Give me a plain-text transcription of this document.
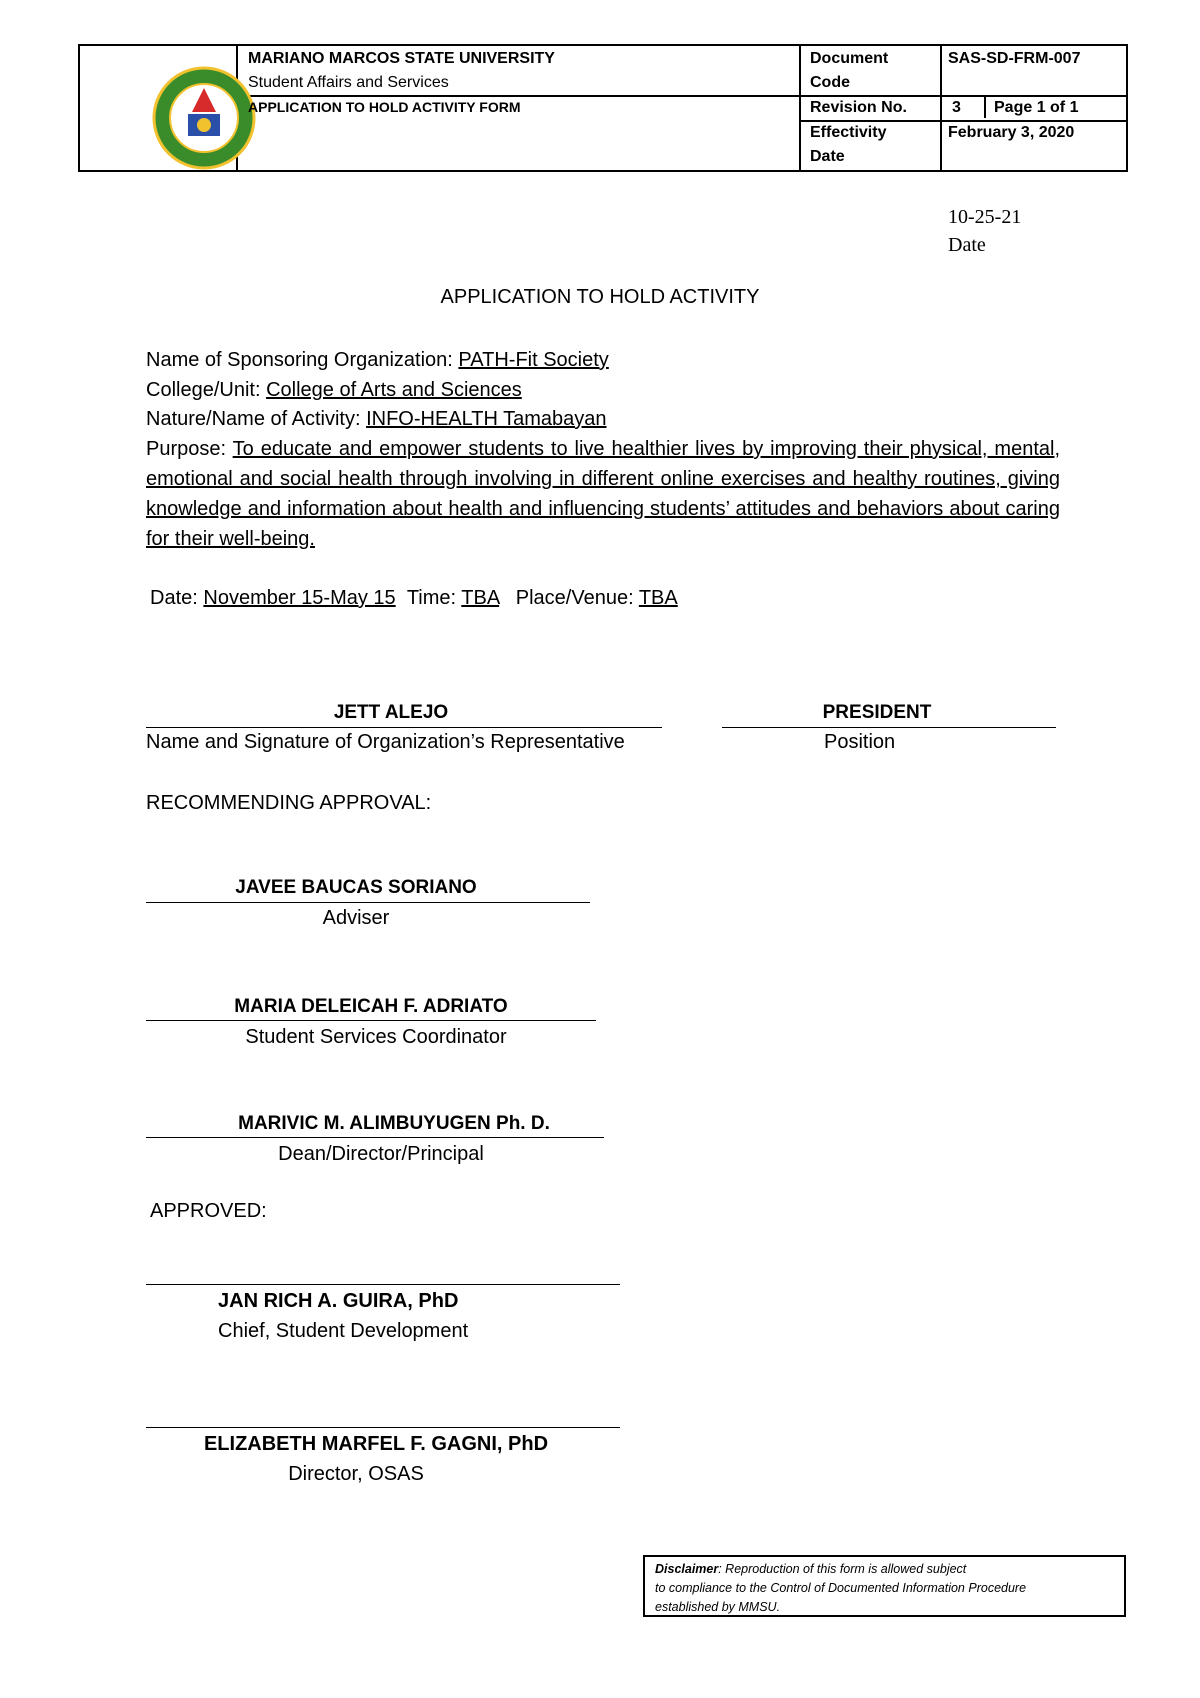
MARIANO MARCOS STATE UNIVERSITY
Student Affairs and Services
APPLICATION TO HOLD ACTIVITY FORM
Document
Code
SAS-SD-FRM-007
Revision No.	3 Page 1 of 1
Effectivity
Date
February 3, 2020
10-25-21
Date
APPLICATION TO HOLD ACTIVITY
Name of Sponsoring Organization: PATH-Fit Society
College/Unit: College of Arts and Sciences
Nature/Name of Activity: INFO-HEALTH Tamabayan
Purpose: To educate and empower students to live healthier lives by improving their physical, mental, emotional and social health through involving in different online exercises and healthy routines, giving knowledge and information about health and influencing students’ attitudes and behaviors about caring for their well-being.
Date: November 15-May 15 Time: TBA Place/Venue: TBA
JETT ALEJO
Name and Signature of Organization’s Representative
PRESIDENT
Position
RECOMMENDING APPROVAL:
JAVEE BAUCAS SORIANO
Adviser
MARIA DELEICAH F. ADRIATO
Student Services Coordinator
MARIVIC M. ALIMBUYUGEN Ph. D.
Dean/Director/Principal
APPROVED:
JAN RICH A. GUIRA, PhD
Chief, Student Development
ELIZABETH MARFEL F. GAGNI, PhD
Director, OSAS
Disclaimer: Reproduction of this form is allowed subject
to compliance to the Control of Documented Information Procedure
established by MMSU.
